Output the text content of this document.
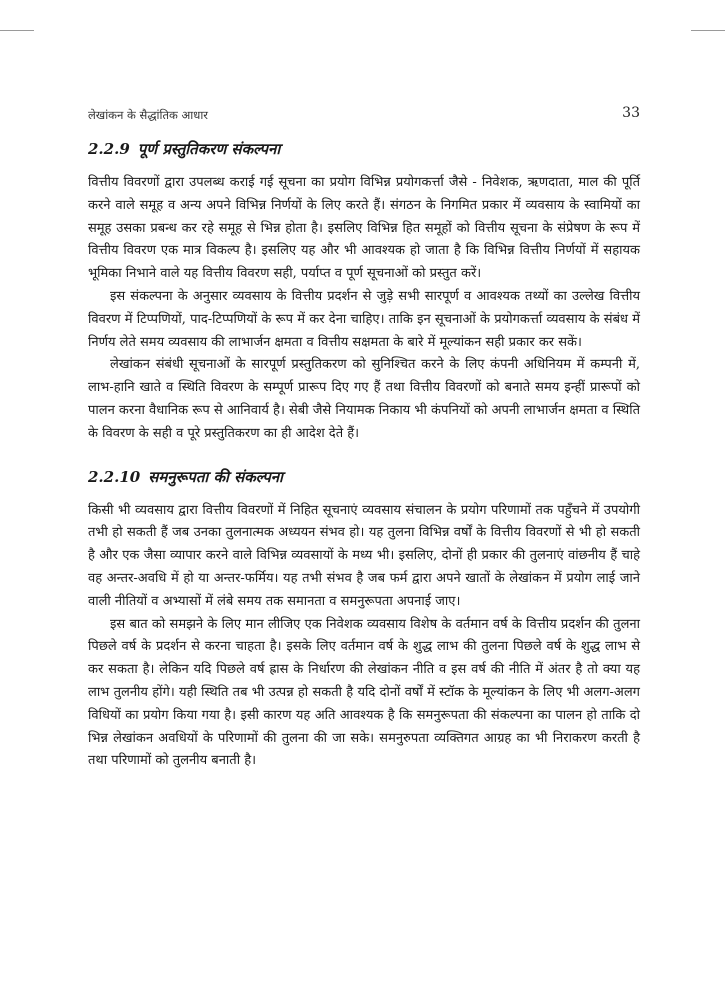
लेखांकन के सैद्धांतिक आधार	33
2.2.9 पूर्ण प्रस्तुतिकरण संकल्पना

वित्तीय विवरणों द्वारा उपलब्ध कराई गई सूचना का प्रयोग विभिन्न प्रयोगकर्त्ता जैसे - निवेशक, ऋणदाता, माल की पूर्ति करने वाले समूह व अन्य अपने विभिन्न निर्णयों के लिए करते हैं। संगठन के निगमित प्रकार में व्यवसाय के स्वामियों का समूह उसका प्रबन्ध कर रहे समूह से भिन्न होता है। इसलिए विभिन्न हित समूहों को वित्तीय सूचना के संप्रेषण के रूप में वित्तीय विवरण एक मात्र विकल्प है। इसलिए यह और भी आवश्यक हो जाता है कि विभिन्न वित्तीय निर्णयों में सहायक भूमिका निभाने वाले यह वित्तीय विवरण सही, पर्याप्त व पूर्ण सूचनाओं को प्रस्तुत करें।

इस संकल्पना के अनुसार व्यवसाय के वित्तीय प्रदर्शन से जुड़े सभी सारपूर्ण व आवश्यक तथ्यों का उल्लेख वित्तीय विवरण में टिप्पणियों, पाद-टिप्पणियों के रूप में कर देना चाहिए। ताकि इन सूचनाओं के प्रयोगकर्त्ता व्यवसाय के संबंध में निर्णय लेते समय व्यवसाय की लाभार्जन क्षमता व वित्तीय सक्षमता के बारे में मूल्यांकन सही प्रकार कर सकें।

लेखांकन संबंधी सूचनाओं के सारपूर्ण प्रस्तुतिकरण को सुनिश्चित करने के लिए कंपनी अधिनियम में कम्पनी में, लाभ-हानि खाते व स्थिति विवरण के सम्पूर्ण प्रारूप दिए गए हैं तथा वित्तीय विवरणों को बनाते समय इन्हीं प्रारूपों को पालन करना वैधानिक रूप से आनिवार्य है। सेबी जैसे नियामक निकाय भी कंपनियों को अपनी लाभार्जन क्षमता व स्थिति के विवरण के सही व पूरे प्रस्तुतिकरण का ही आदेश देते हैं।

2.2.10 समनुरूपता की संकल्पना

किसी भी व्यवसाय द्वारा वित्तीय विवरणों में निहित सूचनाएं व्यवसाय संचालन के प्रयोग परिणामों तक पहुँचने में उपयोगी तभी हो सकती हैं जब उनका तुलनात्मक अध्ययन संभव हो। यह तुलना विभिन्न वर्षों के वित्तीय विवरणों से भी हो सकती है और एक जैसा व्यापार करने वाले विभिन्न व्यवसायों के मध्य भी। इसलिए, दोनों ही प्रकार की तुलनाएं वांछनीय हैं चाहे वह अन्तर-अवधि में हो या अन्तर-फर्मिय। यह तभी संभव है जब फर्म द्वारा अपने खातों के लेखांकन में प्रयोग लाई जाने वाली नीतियों व अभ्यासों में लंबे समय तक समानता व समनुरूपता अपनाई जाए।

इस बात को समझने के लिए मान लीजिए एक निवेशक व्यवसाय विशेष के वर्तमान वर्ष के वित्तीय प्रदर्शन की तुलना पिछले वर्ष के प्रदर्शन से करना चाहता है। इसके लिए वर्तमान वर्ष के शुद्ध लाभ की तुलना पिछले वर्ष के शुद्ध लाभ से कर सकता है। लेकिन यदि पिछले वर्ष ह्रास के निर्धारण की लेखांकन नीति व इस वर्ष की नीति में अंतर है तो क्या यह लाभ तुलनीय होंगे। यही स्थिति तब भी उत्पन्न हो सकती है यदि दोनों वर्षों में स्टॉक के मूल्यांकन के लिए भी अलग-अलग विधियों का प्रयोग किया गया है। इसी कारण यह अति आवश्यक है कि समनुरूपता की संकल्पना का पालन हो ताकि दो भिन्न लेखांकन अवधियों के परिणामों की तुलना की जा सके। समनुरुपता व्यक्तिगत आग्रह का भी निराकरण करती है तथा परिणामों को तुलनीय बनाती है।
